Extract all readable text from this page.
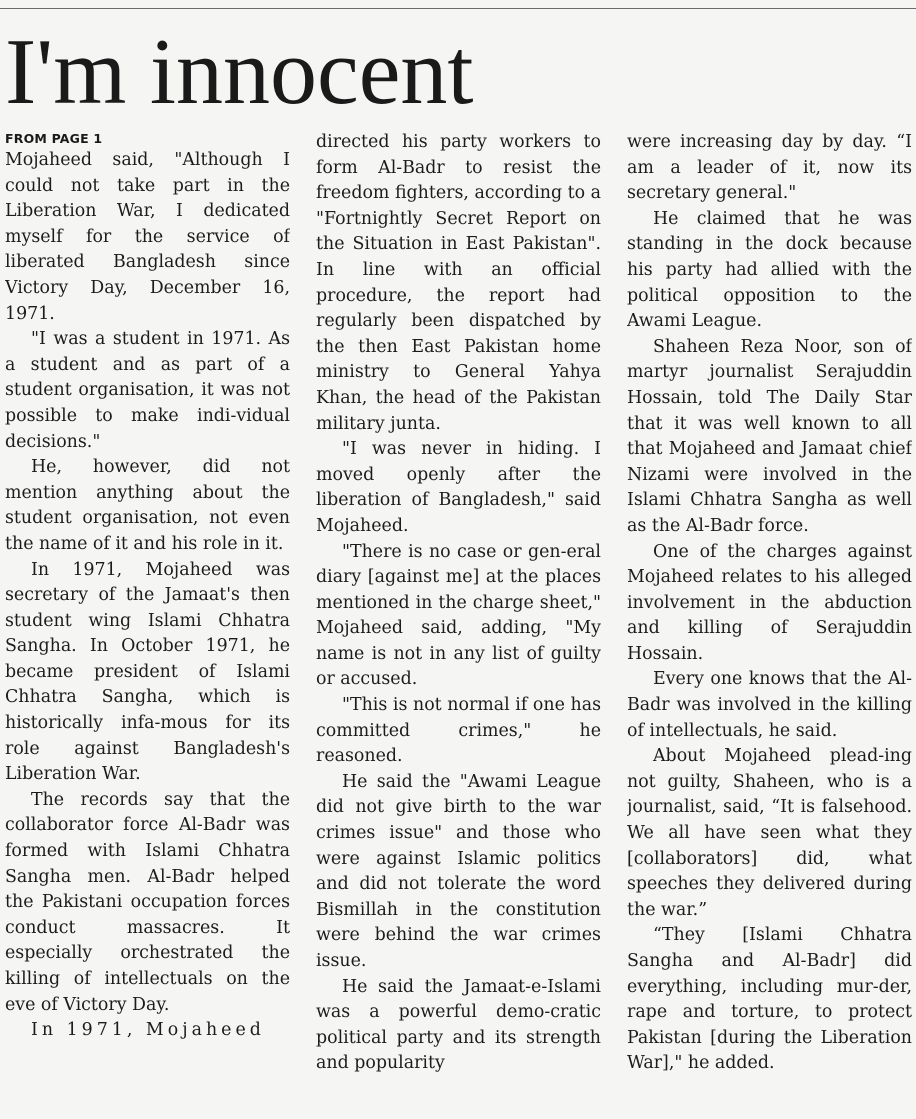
I'm innocent
FROM PAGE 1

Mojaheed said, "Although I could not take part in the Liberation War, I dedicated myself for the service of liberated Bangladesh since Victory Day, December 16, 1971.

"I was a student in 1971. As a student and as part of a student organisation, it was not possible to make indi-vidual decisions."

He, however, did not mention anything about the student organisation, not even the name of it and his role in it.

In 1971, Mojaheed was secretary of the Jamaat's then student wing Islami Chhatra Sangha. In October 1971, he became president of Islami Chhatra Sangha, which is historically infa-mous for its role against Bangladesh's Liberation War.

The records say that the collaborator force Al-Badr was formed with Islami Chhatra Sangha men. Al-Badr helped the Pakistani occupation forces conduct massacres. It especially orchestrated the killing of intellectuals on the eve of Victory Day.

In 1971, Mojaheed

directed his party workers to form Al-Badr to resist the freedom fighters, according to a "Fortnightly Secret Report on the Situation in East Pakistan". In line with an official procedure, the report had regularly been dispatched by the then East Pakistan home ministry to General Yahya Khan, the head of the Pakistan military junta.

"I was never in hiding. I moved openly after the liberation of Bangladesh," said Mojaheed.

"There is no case or gen-eral diary [against me] at the places mentioned in the charge sheet," Mojaheed said, adding, "My name is not in any list of guilty or accused.

"This is not normal if one has committed crimes," he reasoned.

He said the "Awami League did not give birth to the war crimes issue" and those who were against Islamic politics and did not tolerate the word Bismillah in the constitution were behind the war crimes issue.

He said the Jamaat-e-Islami was a powerful demo-cratic political party and its strength and popularity

were increasing day by day. “I am a leader of it, now its secretary general."

He claimed that he was standing in the dock because his party had allied with the political opposition to the Awami League.

Shaheen Reza Noor, son of martyr journalist Serajuddin Hossain, told The Daily Star that it was well known to all that Mojaheed and Jamaat chief Nizami were involved in the Islami Chhatra Sangha as well as the Al-Badr force.

One of the charges against Mojaheed relates to his alleged involvement in the abduction and killing of Serajuddin Hossain.

Every one knows that the Al-Badr was involved in the killing of intellectuals, he said.

About Mojaheed plead-ing not guilty, Shaheen, who is a journalist, said, “It is falsehood. We all have seen what they [collaborators] did, what speeches they delivered during the war.”

“They [Islami Chhatra Sangha and Al-Badr] did everything, including mur-der, rape and torture, to protect Pakistan [during the Liberation War]," he added.
